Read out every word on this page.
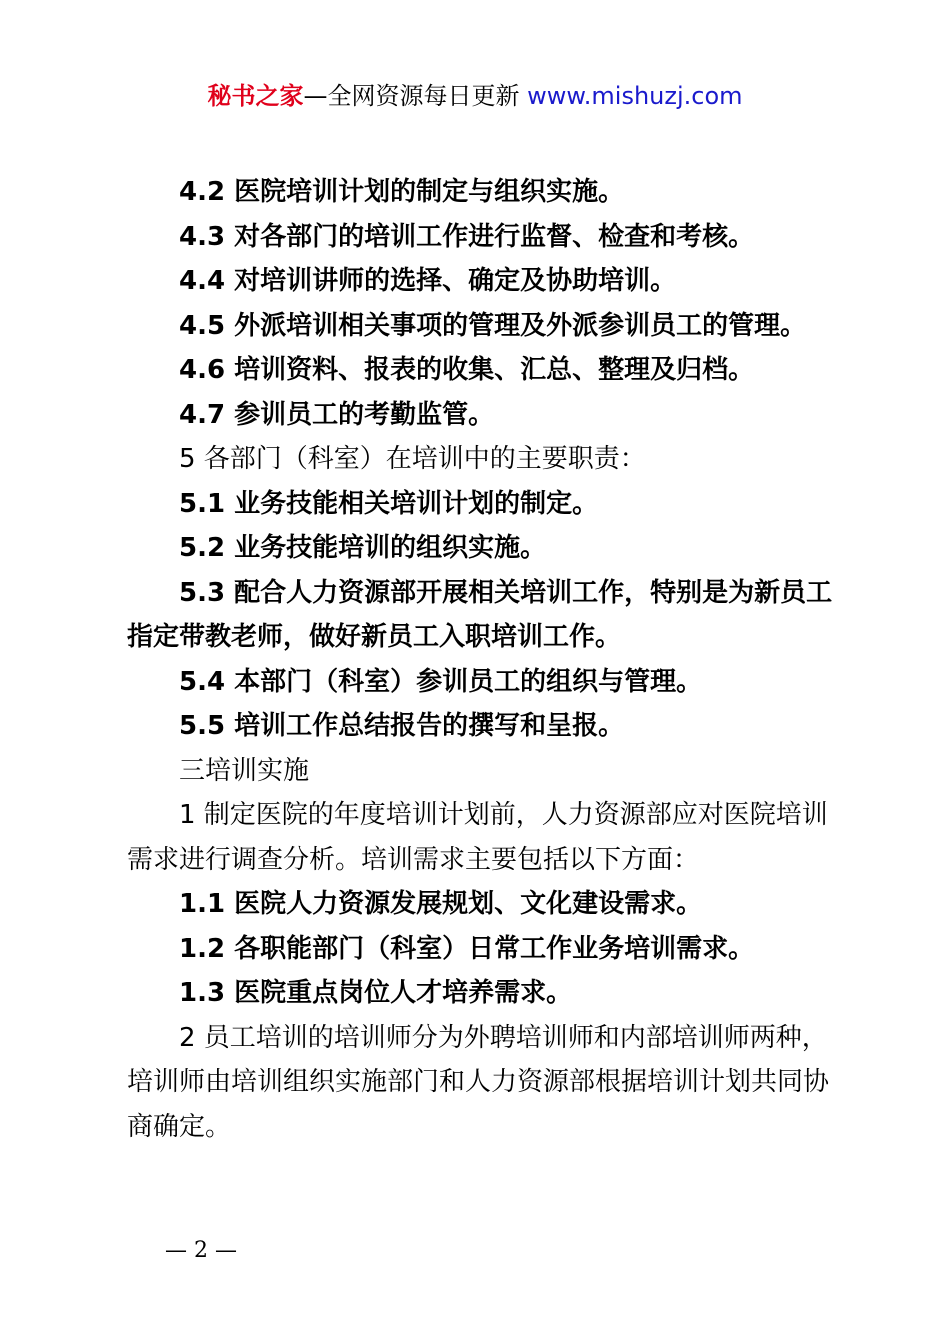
秘书之家—全网资源每日更新 www.mishuzj.com

4.2 医院培训计划的制定与组织实施。

4.3 对各部门的培训工作进行监督、检查和考核。

4.4 对培训讲师的选择、确定及协助培训。

4.5 外派培训相关事项的管理及外派参训员工的管理。

4.6 培训资料、报表的收集、汇总、整理及归档。

4.7 参训员工的考勤监管。

5 各部门（科室）在培训中的主要职责：

5.1 业务技能相关培训计划的制定。

5.2 业务技能培训的组织实施。

5.3 配合人力资源部开展相关培训工作，特别是为新员工指定带教老师，做好新员工入职培训工作。

5.4 本部门（科室）参训员工的组织与管理。

5.5 培训工作总结报告的撰写和呈报。

三培训实施

1 制定医院的年度培训计划前，人力资源部应对医院培训需求进行调查分析。培训需求主要包括以下方面：

1.1 医院人力资源发展规划、文化建设需求。

1.2 各职能部门（科室）日常工作业务培训需求。

1.3 医院重点岗位人才培养需求。

2 员工培训的培训师分为外聘培训师和内部培训师两种，培训师由培训组织实施部门和人力资源部根据培训计划共同协商确定。

— 2 —
